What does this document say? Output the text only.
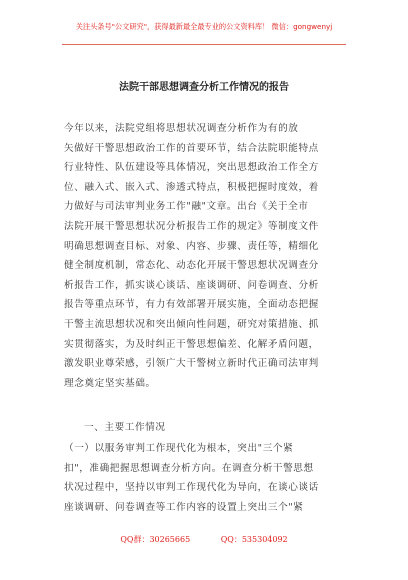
关注头条号"公文研究"，获得最新最全最专业的公文资料库！ 微信：gongwenyj
法院干部思想调查分析工作情况的报告
今年以来，法院党组将思想状况调查分析作为有的放
矢做好干警思想政治工作的首要环节，结合法院职能特点
行业特性、队伍建设等具体情况，突出思想政治工作全方
位、融入式、嵌入式、渗透式特点，积极把握时度效，着
力做好与司法审判业务工作"融"文章。出台《关于全市
法院开展干警思想状况分析报告工作的规定》等制度文件
明确思想调查目标、对象、内容、步骤、责任等，精细化
健全制度机制，常态化、动态化开展干警思想状况调查分
析报告工作，抓实谈心谈话、座谈调研、问卷调查、分析
报告等重点环节，有力有效部署开展实施，全面动态把握
干警主流思想状况和突出倾向性问题，研究对策措施、抓
实贯彻落实，为及时纠正干警思想偏差、化解矛盾问题，
激发职业尊荣感，引领广大干警树立新时代正确司法审判
理念奠定坚实基础。
一、主要工作情况
（一）以服务审判工作现代化为根本，突出"三个紧
扣"，准确把握思想调查分析方向。在调查分析干警思想
状况过程中，坚持以审判工作现代化为导向，在谈心谈话
座谈调研、问卷调查等工作内容的设置上突出三个"紧
QQ群：30265665	QQ：535304092
